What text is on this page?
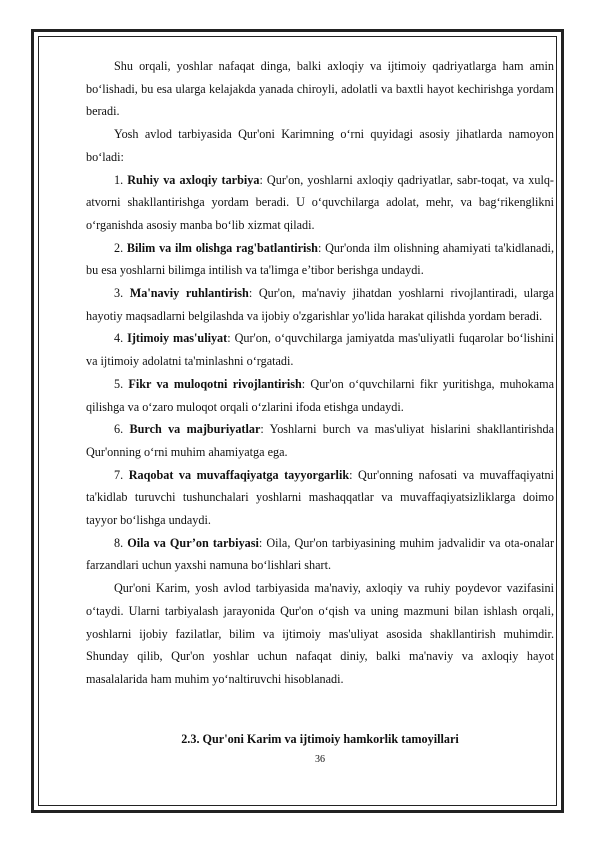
Shu orqali, yoshlar nafaqat dinga, balki axloqiy va ijtimoiy qadriyatlarga ham amin bo‘lishadi, bu esa ularga kelajakda yanada chiroyli, adolatli va baxtli hayot kechirishga yordam beradi.

Yosh avlod tarbiyasida Qur'oni Karimning o‘rni quyidagi asosiy jihatlarda namoyon bo‘ladi:

1. Ruhiy va axloqiy tarbiya: Qur'on, yoshlarni axloqiy qadriyatlar, sabr-toqat, va xulq-atvorni shakllantirishga yordam beradi. U o‘quvchilarga adolat, mehr, va bag‘rikenglikni o‘rganishda asosiy manba bo‘lib xizmat qiladi.

2. Bilim va ilm olishga rag'batlantirish: Qur'onda ilm olishning ahamiyati ta'kidlanadi, bu esa yoshlarni bilimga intilish va ta'limga e’tibor berishga undaydi.

3. Ma'naviy ruhlantirish: Qur'on, ma'naviy jihatdan yoshlarni rivojlantiradi, ularga hayotiy maqsadlarni belgilashda va ijobiy o'zgarishlar yo'lida harakat qilishda yordam beradi.

4. Ijtimoiy mas'uliyat: Qur'on, o‘quvchilarga jamiyatda mas'uliyatli fuqarolar bo‘lishini va ijtimoiy adolatni ta'minlashni o‘rgatadi.

5. Fikr va muloqotni rivojlantirish: Qur'on o‘quvchilarni fikr yuritishga, muhokama qilishga va o‘zaro muloqot orqali o‘zlarini ifoda etishga undaydi.

6. Burch va majburiyatlar: Yoshlarni burch va mas'uliyat hislarini shakllantirishda Qur'onning o‘rni muhim ahamiyatga ega.

7. Raqobat va muvaffaqiyatga tayyorgarlik: Qur'onning nafosati va muvaffaqiyatni ta'kidlab turuvchi tushunchalari yoshlarni mashaqqatlar va muvaffaqiyatsizliklarga doimo tayyor bo‘lishga undaydi.

8. Oila va Qur’on tarbiyasi: Oila, Qur'on tarbiyasining muhim jadvalidir va ota-onalar farzandlari uchun yaxshi namuna bo‘lishlari shart.

Qur'oni Karim, yosh avlod tarbiyasida ma'naviy, axloqiy va ruhiy poydevor vazifasini o‘taydi. Ularni tarbiyalash jarayonida Qur'on o‘qish va uning mazmuni bilan ishlash orqali, yoshlarni ijobiy fazilatlar, bilim va ijtimoiy mas'uliyat asosida shakllantirish muhimdir. Shunday qilib, Qur'on yoshlar uchun nafaqat diniy, balki ma'naviy va axloqiy hayot masalalarida ham muhim yo‘naltiruvchi hisoblanadi.

2.3. Qur'oni Karim va ijtimoiy hamkorlik tamoyillari
36
